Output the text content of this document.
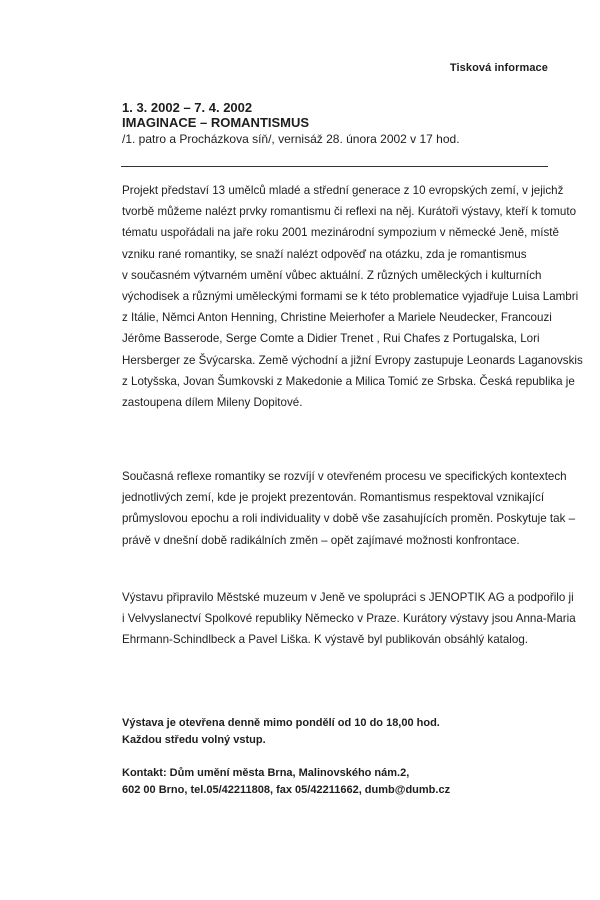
Tisková informace
1. 3. 2002 – 7. 4. 2002
IMAGINACE – ROMANTISMUS
/1. patro a Procházkova síň/, vernisáž 28. února 2002 v 17 hod.

Projekt představí 13 umělců mladé a střední generace z 10 evropských zemí, v jejichž
tvorbě můžeme nalézt prvky romantismu či reflexi na něj. Kurátoři výstavy, kteří k tomuto
tématu uspořádali na jaře roku 2001 mezinárodní sympozium v německé Jeně, místě
vzniku rané romantiky, se snaží nalézt odpověď na otázku, zda je romantismus
v současném výtvarném umění vůbec aktuální. Z různých uměleckých i kulturních
východisek a různými uměleckými formami se k této problematice vyjadřuje Luisa Lambri
z Itálie, Němci Anton Henning, Christine Meierhofer a Mariele Neudecker, Francouzi
Jérôme Basserode, Serge Comte a Didier Trenet , Rui Chafes z Portugalska, Lori
Hersberger ze Švýcarska. Země východní a jižní Evropy zastupuje Leonards Laganovskis
z Lotyšska, Jovan Šumkovski z Makedonie a Milica Tomić ze Srbska. Česká republika je
zastoupena dílem Mileny Dopitové.

Současná reflexe romantiky se rozvíjí v otevřeném procesu ve specifických kontextech
jednotlivých zemí, kde je projekt prezentován. Romantismus respektoval vznikající
průmyslovou epochu a roli individuality v době vše zasahujících proměn. Poskytuje tak –
právě v dnešní době radikálních změn – opět zajímavé možnosti konfrontace.

Výstavu připravilo Městské muzeum v Jeně ve spolupráci s JENOPTIK AG a podpořilo ji
i Velvyslanectví Spolkové republiky Německo v Praze. Kurátory výstavy jsou Anna-Maria
Ehrmann-Schindlbeck a Pavel Liška. K výstavě byl publikován obsáhlý katalog.

Výstava je otevřena denně mimo pondělí od 10 do 18,00 hod.
Každou středu volný vstup.
Kontakt: Dům umění města Brna, Malinovského nám.2,
602 00 Brno, tel.05/42211808, fax 05/42211662, dumb@dumb.cz
